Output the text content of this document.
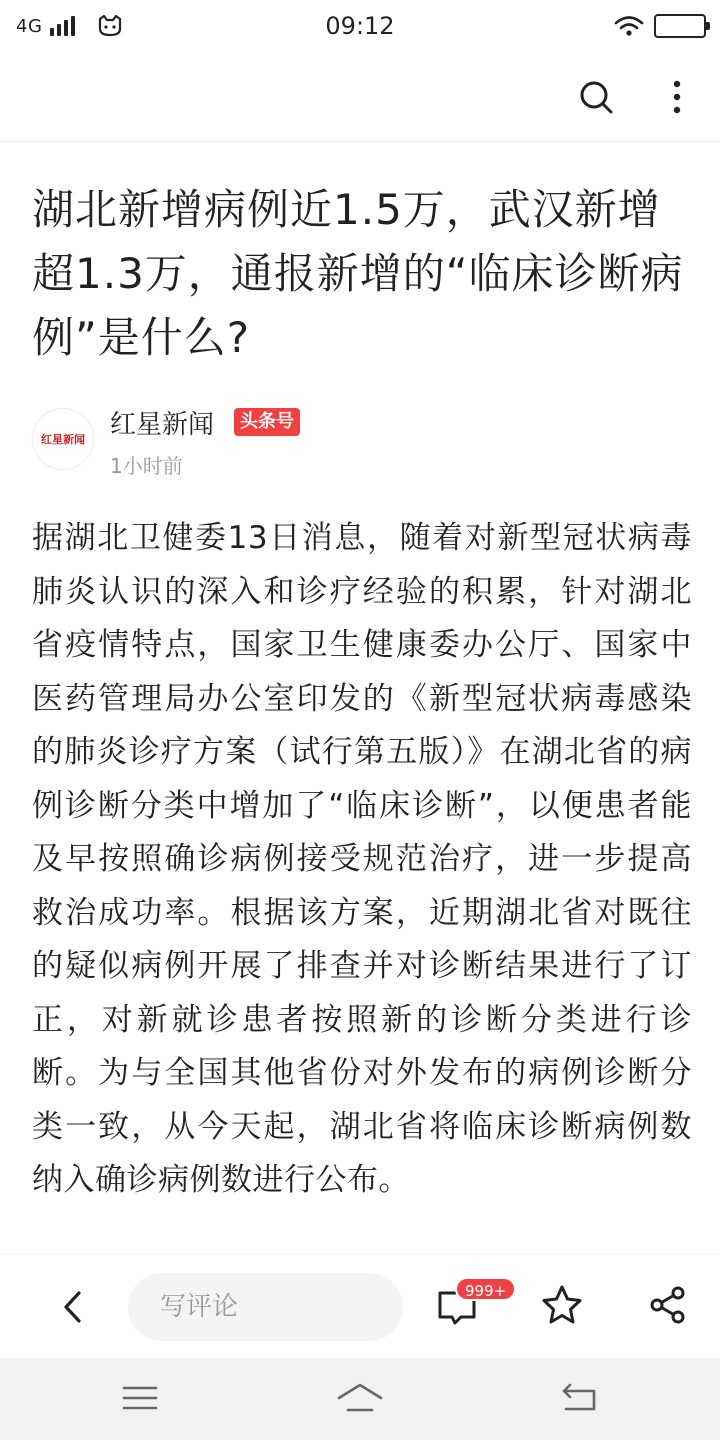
4G	09:12
湖北新增病例近1.5万，武汉新增超1.3万，通报新增的“临床诊断病例”是什么?
红星新闻 红星新闻	头条号
1小时前

据湖北卫健委13日消息，随着对新型冠状病毒肺炎认识的深入和诊疗经验的积累，针对湖北省疫情特点，国家卫生健康委办公厅、国家中医药管理局办公室印发的《新型冠状病毒感染的肺炎诊疗方案（试行第五版）》在湖北省的病例诊断分类中增加了“临床诊断”，以便患者能及早按照确诊病例接受规范治疗，进一步提高救治成功率。根据该方案，近期湖北省对既往的疑似病例开展了排查并对诊断结果进行了订正，对新就诊患者按照新的诊断分类进行诊断。为与全国其他省份对外发布的病例诊断分类一致，从今天起，湖北省将临床诊断病例数纳入确诊病例数进行公布。

写评论
999+
